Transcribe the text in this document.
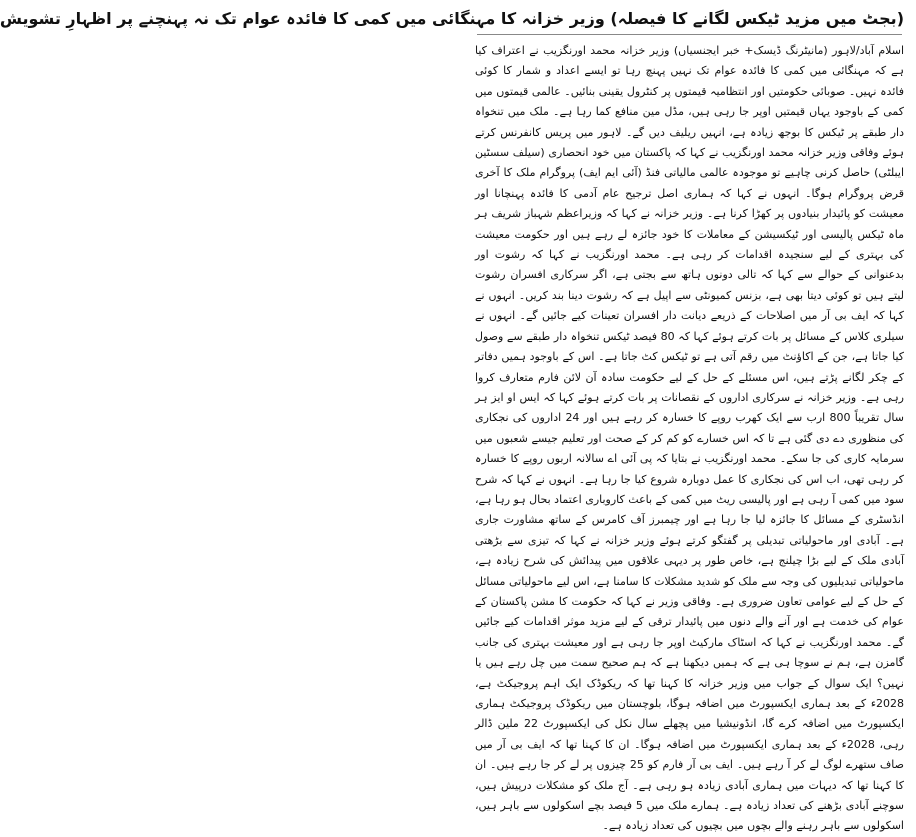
(بجٹ میں مزید ٹیکس لگانے کا فیصلہ) وزیر خزانہ کا مہنگائی میں کمی کا فائدہ عوام تک نہ پہنچنے پر اظہارِ تشویش

اسلام آباد/لاہور (مانیٹرنگ ڈیسک+ خبر ایجنسیاں) وزیر خزانہ محمد اورنگزیب نے اعتراف کیا ہے کہ مہنگائی میں کمی کا فائدہ عوام تک نہیں پہنچ رہا تو ایسے اعداد و شمار کا کوئی فائدہ نہیں۔ صوبائی حکومتیں اور انتظامیہ قیمتوں پر کنٹرول یقینی بنائیں۔ عالمی قیمتوں میں کمی کے باوجود یہاں قیمتیں اوپر جا رہی ہیں، مڈل مین منافع کما رہا ہے۔ ملک میں تنخواہ دار طبقے پر ٹیکس کا بوجھ زیادہ ہے، انہیں ریلیف دیں گے۔ لاہور میں پریس کانفرنس کرتے ہوئے وفاقی وزیر خزانہ محمد اورنگزیب نے کہا کہ پاکستان میں خود انحصاری (سیلف سسٹین ایبلٹی) حاصل کرنی چاہیے تو موجودہ عالمی مالیاتی فنڈ (آئی ایم ایف) پروگرام ملک کا آخری قرض پروگرام ہوگا۔ انہوں نے کہا کہ ہماری اصل ترجیح عام آدمی کا فائدہ پہنچانا اور معیشت کو پائیدار بنیادوں پر کھڑا کرنا ہے۔ وزیر خزانہ نے کہا کہ وزیراعظم شہباز شریف ہر ماہ ٹیکس پالیسی اور ٹیکسیشن کے معاملات کا خود جائزہ لے رہے ہیں اور حکومت معیشت کی بہتری کے لیے سنجیدہ اقدامات کر رہی ہے۔ محمد اورنگزیب نے کہا کہ رشوت اور بدعنوانی کے حوالے سے کہا کہ تالی دونوں ہاتھ سے بجتی ہے، اگر سرکاری افسران رشوت لیتے ہیں تو کوئی دیتا بھی ہے، بزنس کمیونٹی سے اپیل ہے کہ رشوت دینا بند کریں۔ انہوں نے کہا کہ ایف بی آر میں اصلاحات کے ذریعے دیانت دار افسران تعینات کیے جائیں گے۔ انہوں نے سیلری کلاس کے مسائل پر بات کرتے ہوئے کہا کہ 80 فیصد ٹیکس تنخواہ دار طبقے سے وصول کیا جاتا ہے، جن کے اکاؤنٹ میں رقم آتی ہے تو ٹیکس کٹ جاتا ہے۔ اس کے باوجود ہمیں دفاتر کے چکر لگانے پڑتے ہیں، اس مسئلے کے حل کے لیے حکومت سادہ آن لائن فارم متعارف کروا رہی ہے۔ وزیر خزانہ نے سرکاری اداروں کے نقصانات پر بات کرتے ہوئے کہا کہ ایس او ایز ہر سال تقریباً 800 ارب سے ایک کھرب روپے کا خسارہ کر رہے ہیں اور 24 اداروں کی نجکاری کی منظوری دے دی گئی ہے تا کہ اس خسارے کو کم کر کے صحت اور تعلیم جیسے شعبوں میں سرمایہ کاری کی جا سکے۔ محمد اورنگزیب نے بتایا کہ پی آئی اے سالانہ اربوں روپے کا خسارہ کر رہی تھی، اب اس کی نجکاری کا عمل دوبارہ شروع کیا جا رہا ہے۔ انہوں نے کہا کہ شرح سود میں کمی آ رہی ہے اور پالیسی ریٹ میں کمی کے باعث کاروباری اعتماد بحال ہو رہا ہے، انڈسٹری کے مسائل کا جائزہ لیا جا رہا ہے اور چیمبرز آف کامرس کے ساتھ مشاورت جاری ہے۔ آبادی اور ماحولیاتی تبدیلی پر گفتگو کرتے ہوئے وزیر خزانہ نے کہا کہ تیزی سے بڑھتی آبادی ملک کے لیے بڑا چیلنج ہے، خاص طور پر دیہی علاقوں میں پیدائش کی شرح زیادہ ہے، ماحولیاتی تبدیلیوں کی وجہ سے ملک کو شدید مشکلات کا سامنا ہے، اس لیے ماحولیاتی مسائل کے حل کے لیے عوامی تعاون ضروری ہے۔ وفاقی وزیر نے کہا کہ حکومت کا مشن پاکستان کے عوام کی خدمت ہے اور آنے والے دنوں میں پائیدار ترقی کے لیے مزید موثر اقدامات کیے جائیں گے۔ محمد اورنگزیب نے کہا کہ اسٹاک مارکیٹ اوپر جا رہی ہے اور معیشت بہتری کی جانب گامزن ہے، ہم نے سوچا ہی ہے کہ ہمیں دیکھنا ہے کہ ہم صحیح سمت میں چل رہے ہیں یا نہیں؟ ایک سوال کے جواب میں وزیر خزانہ کا کہنا تھا کہ ریکوڈک ایک اہم پروجیکٹ ہے، 2028ء کے بعد ہماری ایکسپورٹ میں اضافہ ہوگا، بلوچستان میں ریکوڈک پروجیکٹ ہماری ایکسپورٹ میں اضافہ کرے گا، انڈونیشیا میں پچھلے سال نکل کی ایکسپورٹ 22 ملین ڈالر رہی، 2028ء کے بعد ہماری ایکسپورٹ میں اضافہ ہوگا۔ ان کا کہنا تھا کہ ایف بی آر میں صاف ستھرے لوگ لے کر آ رہے ہیں۔ ایف بی آر فارم کو 25 چیزوں پر لے کر جا رہے ہیں۔ ان کا کہنا تھا کہ دیہات میں ہماری آبادی زیادہ ہو رہی ہے۔ آج ملک کو مشکلات درپیش ہیں، سوچنے آبادی بڑھنے کی تعداد زیادہ ہے۔ ہمارے ملک میں 5 فیصد بچے اسکولوں سے باہر ہیں، اسکولوں سے باہر رہنے والے بچوں میں بچیوں کی تعداد زیادہ ہے۔
